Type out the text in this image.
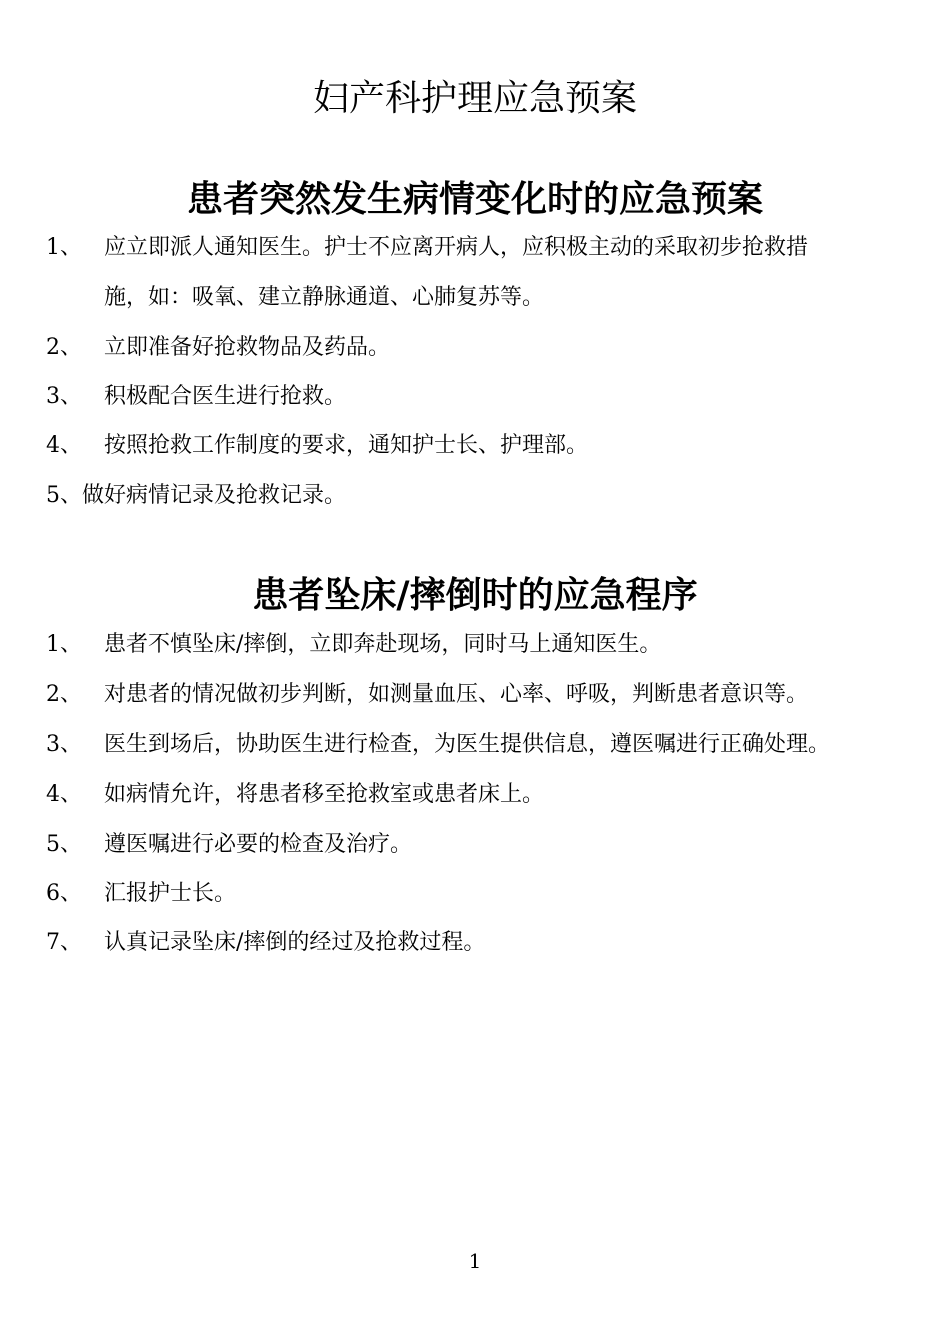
妇产科护理应急预案
患者突然发生病情变化时的应急预案
1、 应立即派人通知医生。护士不应离开病人，应积极主动的采取初步抢救措
施，如：吸氧、建立静脉通道、心肺复苏等。
2、 立即准备好抢救物品及药品。
3、 积极配合医生进行抢救。
4、 按照抢救工作制度的要求，通知护士长、护理部。
5、做好病情记录及抢救记录。
患者坠床/摔倒时的应急程序
1、 患者不慎坠床/摔倒，立即奔赴现场，同时马上通知医生。
2、 对患者的情况做初步判断，如测量血压、心率、呼吸，判断患者意识等。
3、 医生到场后，协助医生进行检查，为医生提供信息，遵医嘱进行正确处理。
4、 如病情允许，将患者移至抢救室或患者床上。
5、 遵医嘱进行必要的检查及治疗。
6、 汇报护士长。
7、 认真记录坠床/摔倒的经过及抢救过程。
1
